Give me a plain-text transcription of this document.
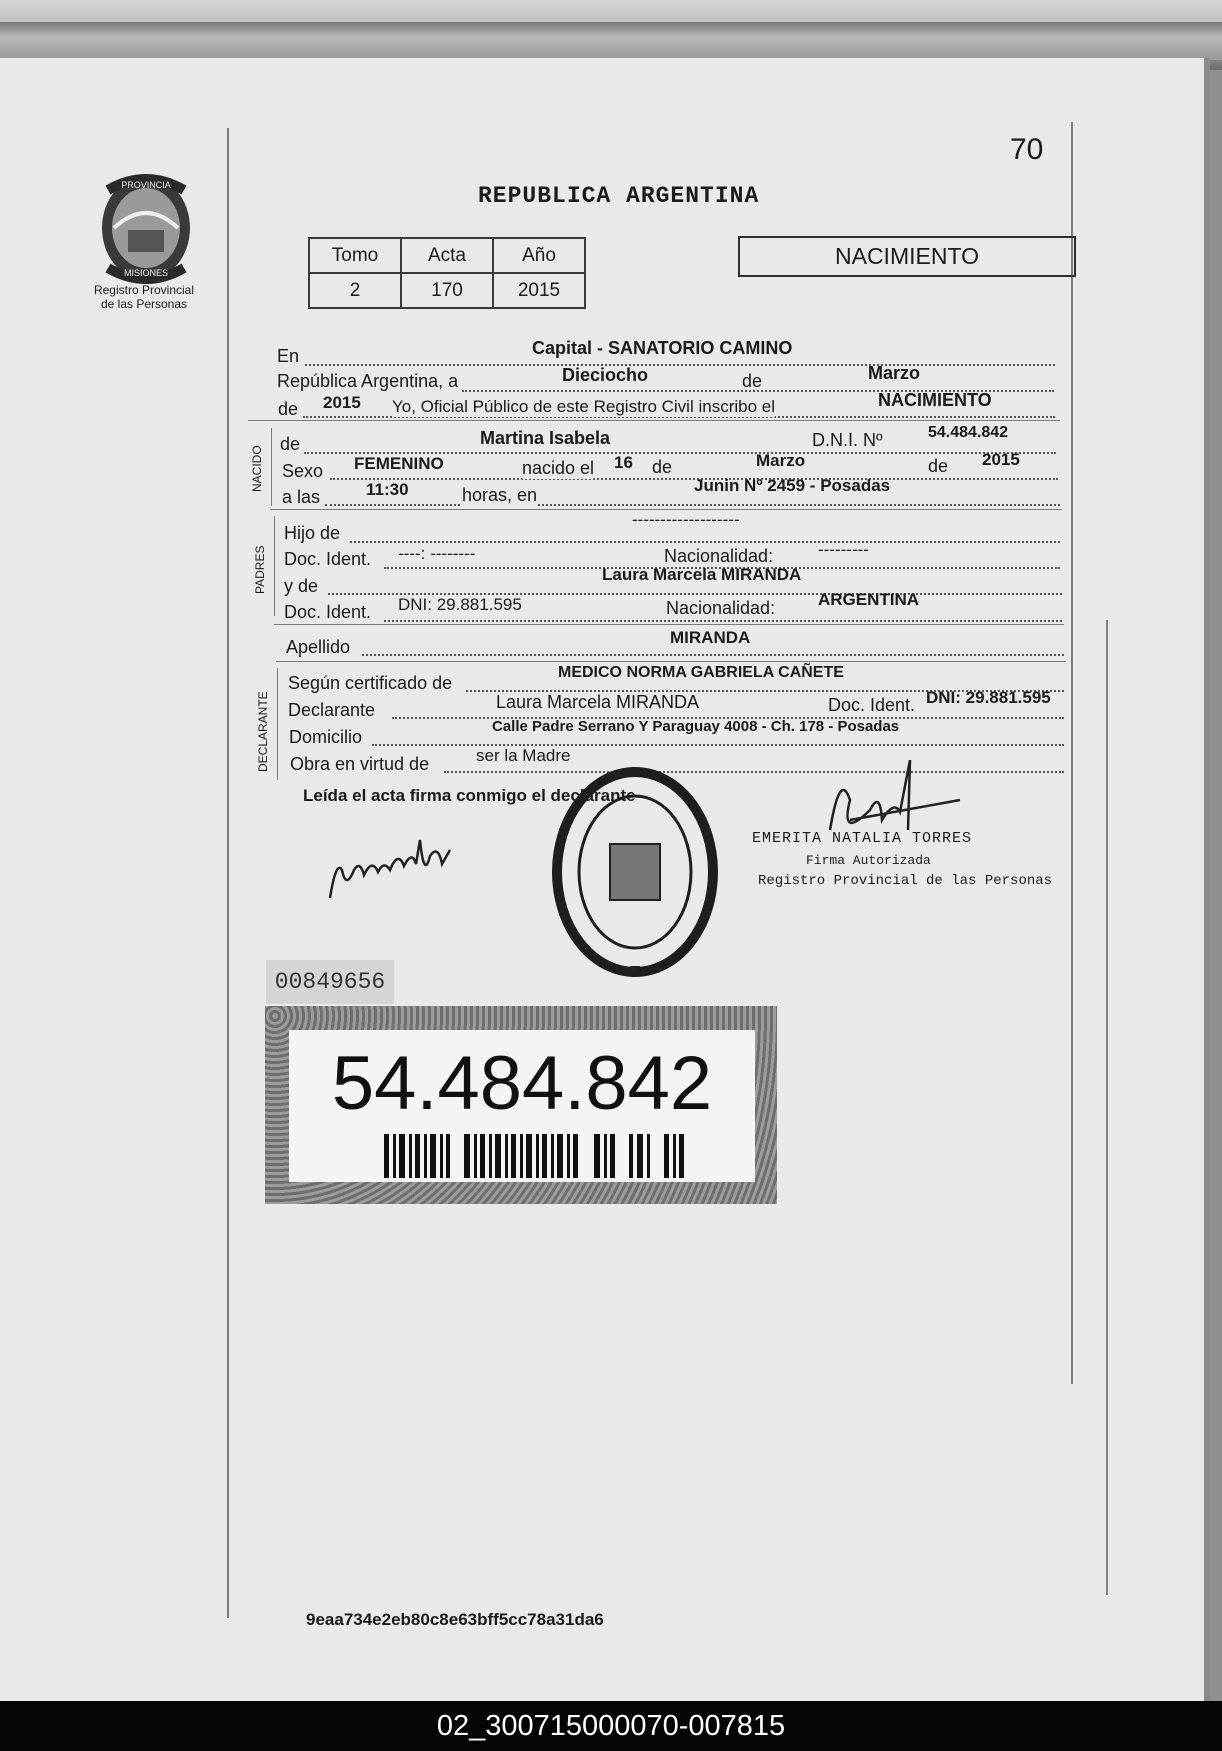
PROVINCIA
MISIONES
Registro Provincial
de las Personas
70
REPUBLICA ARGENTINA
Tomo	Acta	Año
2	170	2015
NACIMIENTO
En	Capital - SANATORIO CAMINO
República Argentina, a	Dieciocho	de	Marzo
de 2015 Yo, Oficial Público de este Registro Civil inscribo el	NACIMIENTO
NACIDO
de	Martina Isabela	D.N.I. Nº	54.484.842
Sexo FEMENINO	nacido el 16 de	Marzo	de 2015
a las	11:30	horas, en	Junin Nº 2459 - Posadas
PADRES
Hijo de
-------------------
Doc. Ident. ----: --------	Nacionalidad:	---------
y de
Laura Marcela MIRANDA
Doc. Ident. DNI: 29.881.595	Nacionalidad:	ARGENTINA
Apellido	MIRANDA
DECLARANTE
Según certificado de
MEDICO NORMA GABRIELA CAÑETE
Declarante	Laura Marcela MIRANDA	Doc. Ident. DNI: 29.881.595
Domicilio
Calle Padre Serrano Y Paraguay 4008 - Ch. 178 - Posadas
Obra en virtud de	ser la Madre
Leída el acta firma conmigo el declarante
EMERITA NATALIA TORRES
Firma Autorizada
Registro Provincial de las Personas
00849656
54.484.842
9eaa734e2eb80c8e63bff5cc78a31da6
02_300715000070-007815
